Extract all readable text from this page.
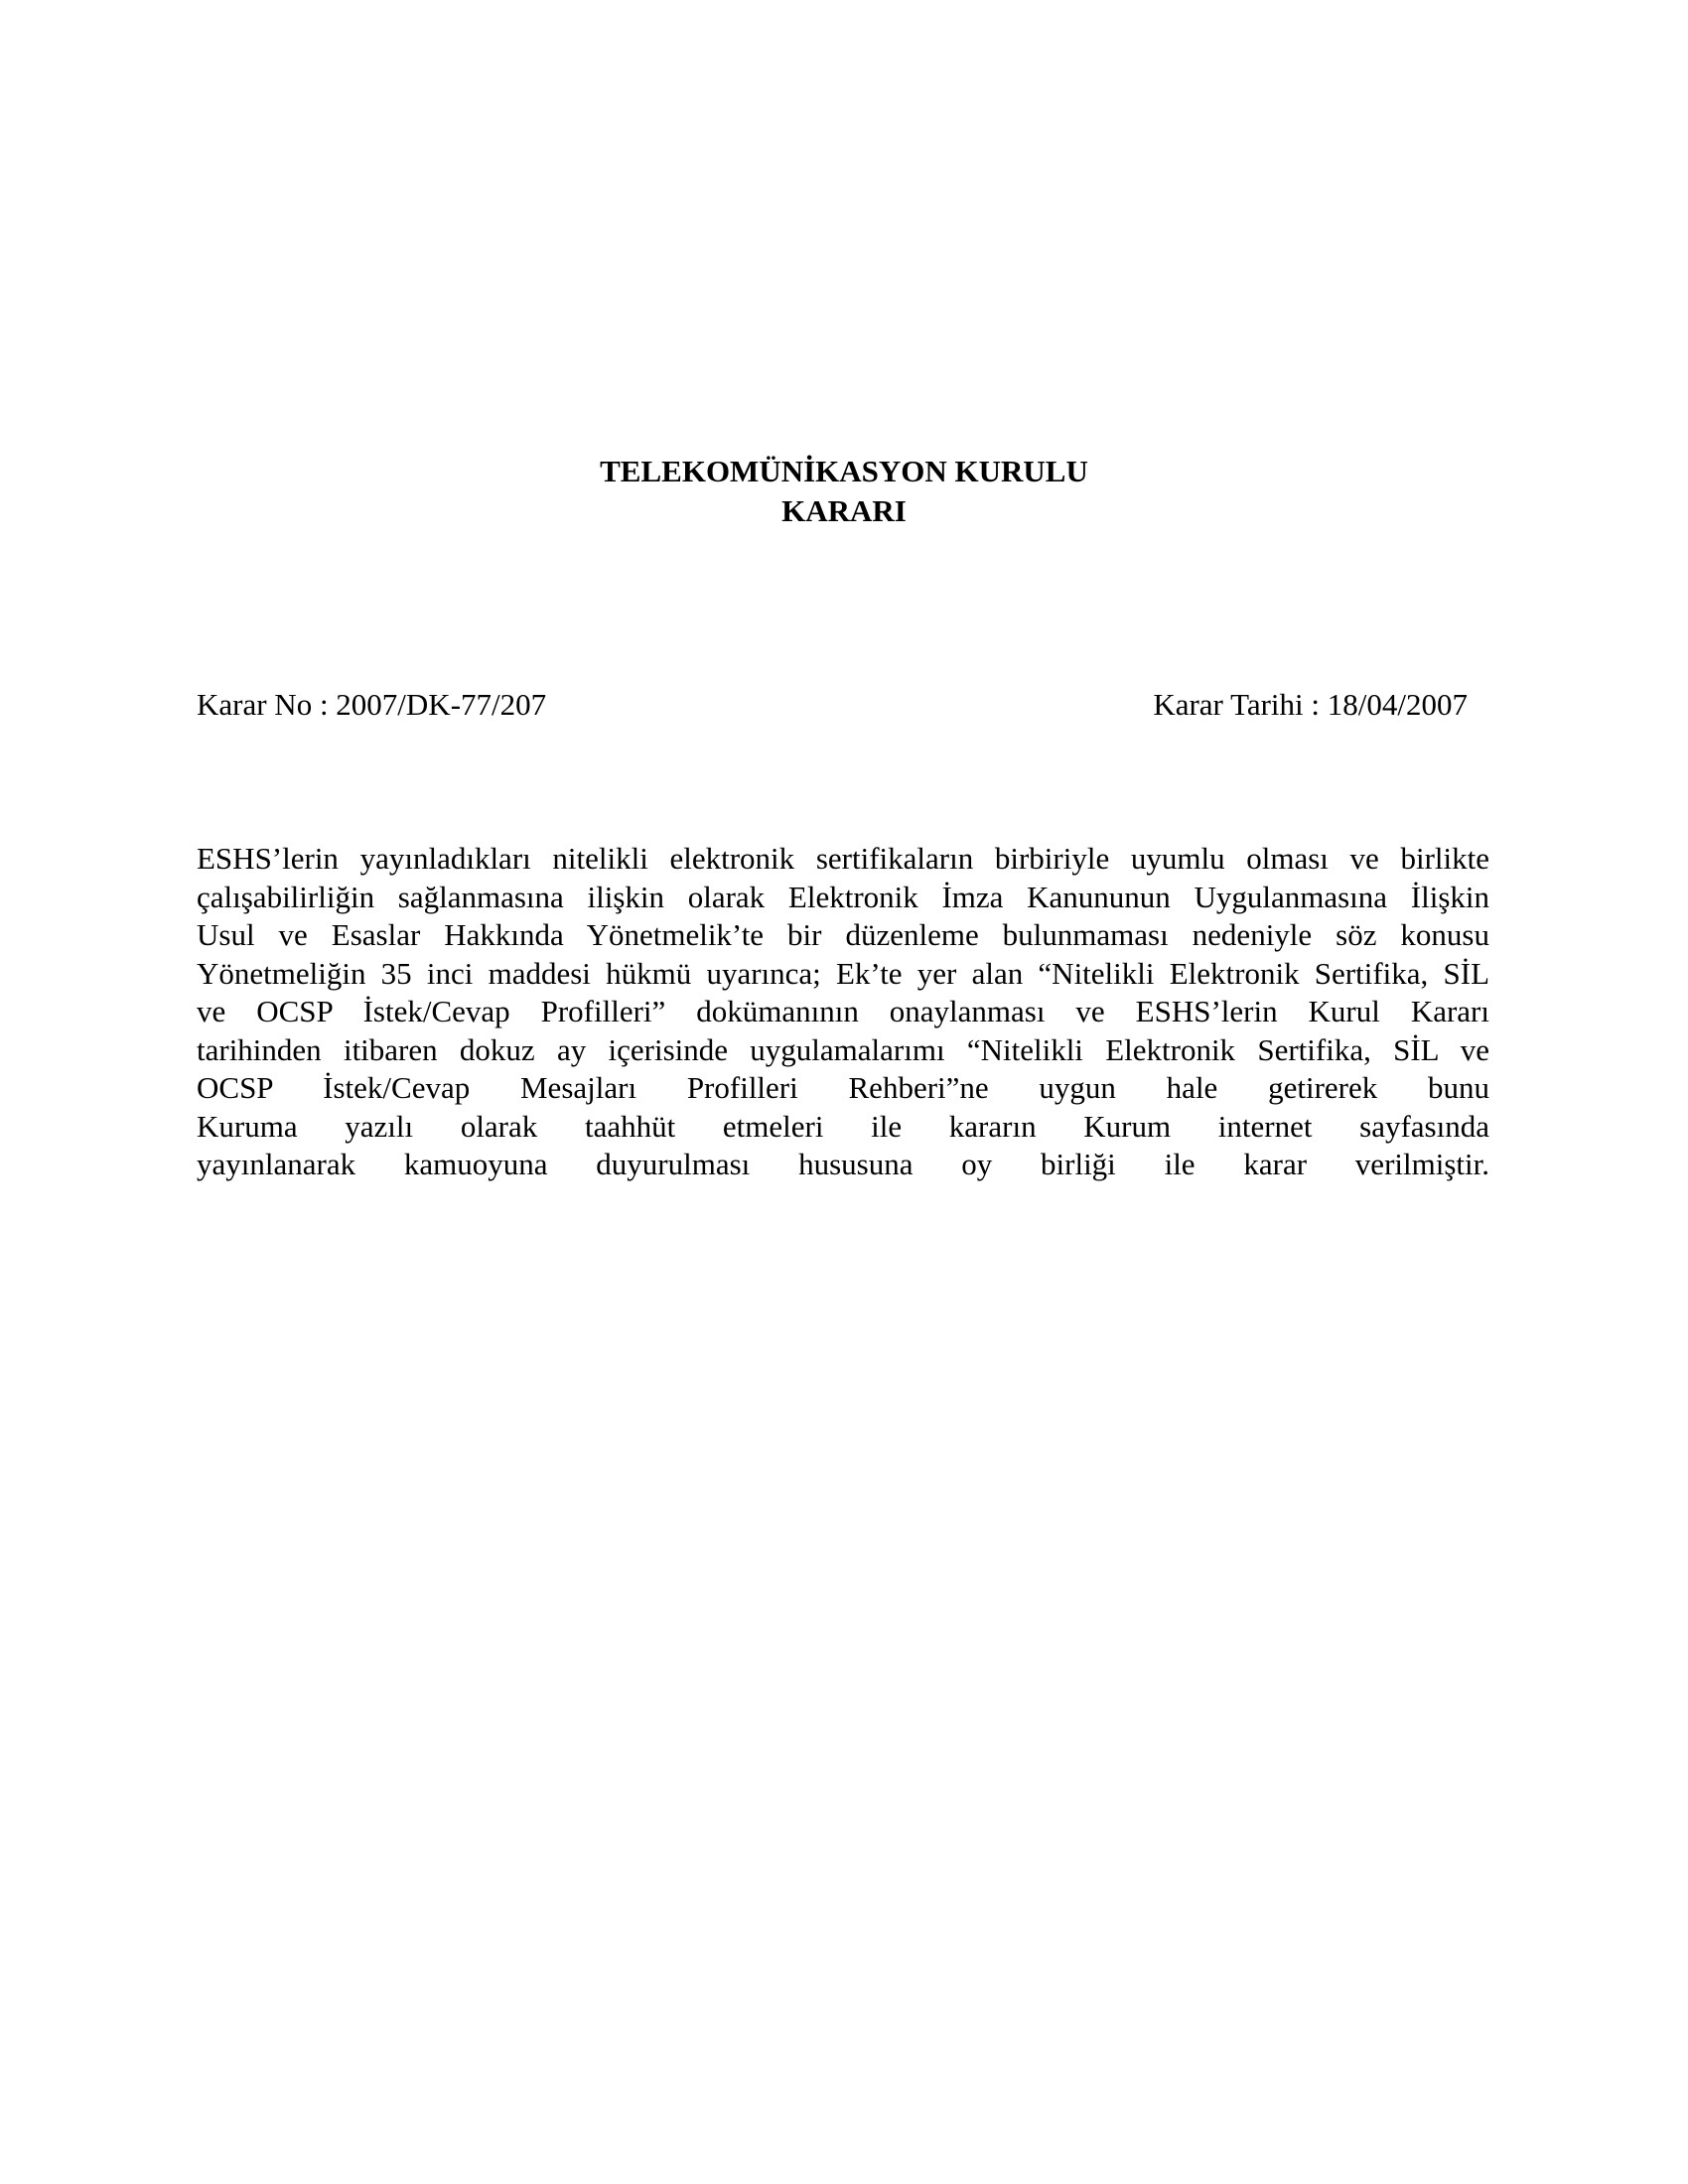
TELEKOMÜNİKASYON KURULU
KARARI
Karar No : 2007/DK-77/207	Karar Tarihi : 18/04/2007
ESHS’lerin yayınladıkları nitelikli elektronik sertifikaların birbiriyle uyumlu olması ve birlikte
çalışabilirliğin sağlanmasına ilişkin olarak Elektronik İmza Kanununun Uygulanmasına İlişkin
Usul ve Esaslar Hakkında Yönetmelik’te bir düzenleme bulunmaması nedeniyle söz konusu
Yönetmeliğin 35 inci maddesi hükmü uyarınca; Ek’te yer alan “Nitelikli Elektronik Sertifika, SİL
ve OCSP İstek/Cevap Profilleri” dokümanının onaylanması ve ESHS’lerin Kurul Kararı
tarihinden itibaren dokuz ay içerisinde uygulamalarımı “Nitelikli Elektronik Sertifika, SİL ve
OCSP İstek/Cevap Mesajları Profilleri Rehberi”ne uygun hale getirerek bunu
Kuruma yazılı olarak taahhüt etmeleri ile kararın Kurum internet sayfasında
yayınlanarak kamuoyuna duyurulması hususuna oy birliği ile karar verilmiştir.
